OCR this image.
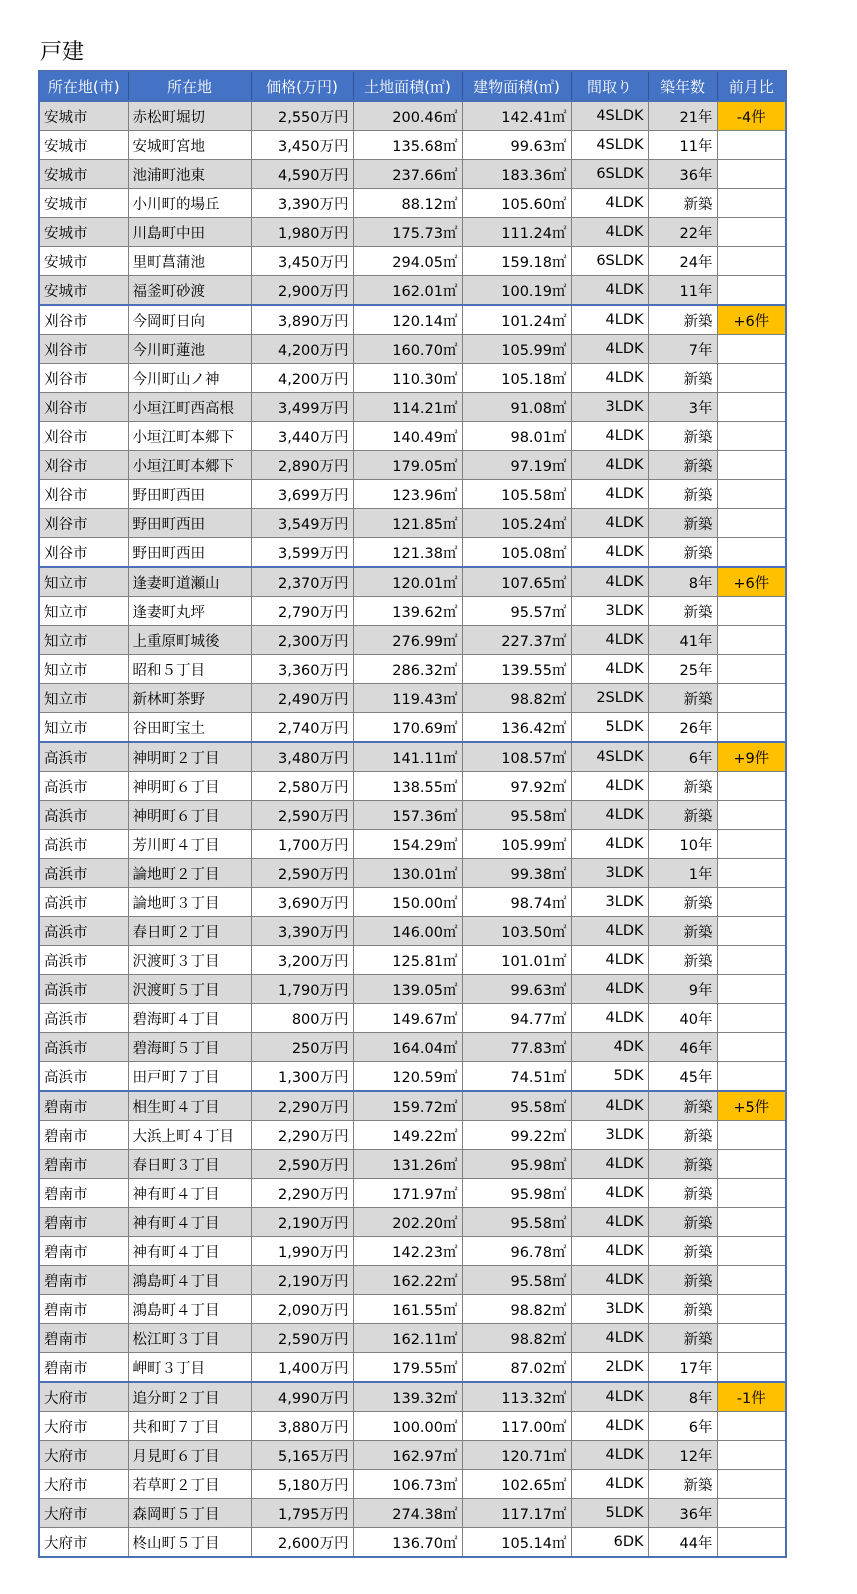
戸建
所在地(市)	所在地	価格(万円)	土地面積(㎡)	建物面積(㎡)	間取り	築年数	前月比
安城市	赤松町堀切	2,550万円	200.46㎡	142.41㎡	4SLDK	21年	-4件
安城市	安城町宮地	3,450万円	135.68㎡	99.63㎡	4SLDK	11年	
安城市	池浦町池東	4,590万円	237.66㎡	183.36㎡	6SLDK	36年	
安城市	小川町的場丘	3,390万円	88.12㎡	105.60㎡	4LDK	新築	
安城市	川島町中田	1,980万円	175.73㎡	111.24㎡	4LDK	22年	
安城市	里町菖蒲池	3,450万円	294.05㎡	159.18㎡	6SLDK	24年	
安城市	福釜町砂渡	2,900万円	162.01㎡	100.19㎡	4LDK	11年	
刈谷市	今岡町日向	3,890万円	120.14㎡	101.24㎡	4LDK	新築	+6件
刈谷市	今川町蓮池	4,200万円	160.70㎡	105.99㎡	4LDK	7年	
刈谷市	今川町山ノ神	4,200万円	110.30㎡	105.18㎡	4LDK	新築	
刈谷市	小垣江町西高根	3,499万円	114.21㎡	91.08㎡	3LDK	3年	
刈谷市	小垣江町本郷下	3,440万円	140.49㎡	98.01㎡	4LDK	新築	
刈谷市	小垣江町本郷下	2,890万円	179.05㎡	97.19㎡	4LDK	新築	
刈谷市	野田町西田	3,699万円	123.96㎡	105.58㎡	4LDK	新築	
刈谷市	野田町西田	3,549万円	121.85㎡	105.24㎡	4LDK	新築	
刈谷市	野田町西田	3,599万円	121.38㎡	105.08㎡	4LDK	新築	
知立市	逢妻町道瀬山	2,370万円	120.01㎡	107.65㎡	4LDK	8年	+6件
知立市	逢妻町丸坪	2,790万円	139.62㎡	95.57㎡	3LDK	新築	
知立市	上重原町城後	2,300万円	276.99㎡	227.37㎡	4LDK	41年	
知立市	昭和５丁目	3,360万円	286.32㎡	139.55㎡	4LDK	25年	
知立市	新林町茶野	2,490万円	119.43㎡	98.82㎡	2SLDK	新築	
知立市	谷田町宝土	2,740万円	170.69㎡	136.42㎡	5LDK	26年	
高浜市	神明町２丁目	3,480万円	141.11㎡	108.57㎡	4SLDK	6年	+9件
高浜市	神明町６丁目	2,580万円	138.55㎡	97.92㎡	4LDK	新築	
高浜市	神明町６丁目	2,590万円	157.36㎡	95.58㎡	4LDK	新築	
高浜市	芳川町４丁目	1,700万円	154.29㎡	105.99㎡	4LDK	10年	
高浜市	論地町２丁目	2,590万円	130.01㎡	99.38㎡	3LDK	1年	
高浜市	論地町３丁目	3,690万円	150.00㎡	98.74㎡	3LDK	新築	
高浜市	春日町２丁目	3,390万円	146.00㎡	103.50㎡	4LDK	新築	
高浜市	沢渡町３丁目	3,200万円	125.81㎡	101.01㎡	4LDK	新築	
高浜市	沢渡町５丁目	1,790万円	139.05㎡	99.63㎡	4LDK	9年	
高浜市	碧海町４丁目	800万円	149.67㎡	94.77㎡	4LDK	40年	
高浜市	碧海町５丁目	250万円	164.04㎡	77.83㎡	4DK	46年	
高浜市	田戸町７丁目	1,300万円	120.59㎡	74.51㎡	5DK	45年	
碧南市	相生町４丁目	2,290万円	159.72㎡	95.58㎡	4LDK	新築	+5件
碧南市	大浜上町４丁目	2,290万円	149.22㎡	99.22㎡	3LDK	新築	
碧南市	春日町３丁目	2,590万円	131.26㎡	95.98㎡	4LDK	新築	
碧南市	神有町４丁目	2,290万円	171.97㎡	95.98㎡	4LDK	新築	
碧南市	神有町４丁目	2,190万円	202.20㎡	95.58㎡	4LDK	新築	
碧南市	神有町４丁目	1,990万円	142.23㎡	96.78㎡	4LDK	新築	
碧南市	鴻島町４丁目	2,190万円	162.22㎡	95.58㎡	4LDK	新築	
碧南市	鴻島町４丁目	2,090万円	161.55㎡	98.82㎡	3LDK	新築	
碧南市	松江町３丁目	2,590万円	162.11㎡	98.82㎡	4LDK	新築	
碧南市	岬町３丁目	1,400万円	179.55㎡	87.02㎡	2LDK	17年	
大府市	追分町２丁目	4,990万円	139.32㎡	113.32㎡	4LDK	8年	-1件
大府市	共和町７丁目	3,880万円	100.00㎡	117.00㎡	4LDK	6年	
大府市	月見町６丁目	5,165万円	162.97㎡	120.71㎡	4LDK	12年	
大府市	若草町２丁目	5,180万円	106.73㎡	102.65㎡	4LDK	新築	
大府市	森岡町５丁目	1,795万円	274.38㎡	117.17㎡	5LDK	36年	
大府市	柊山町５丁目	2,600万円	136.70㎡	105.14㎡	6DK	44年	
